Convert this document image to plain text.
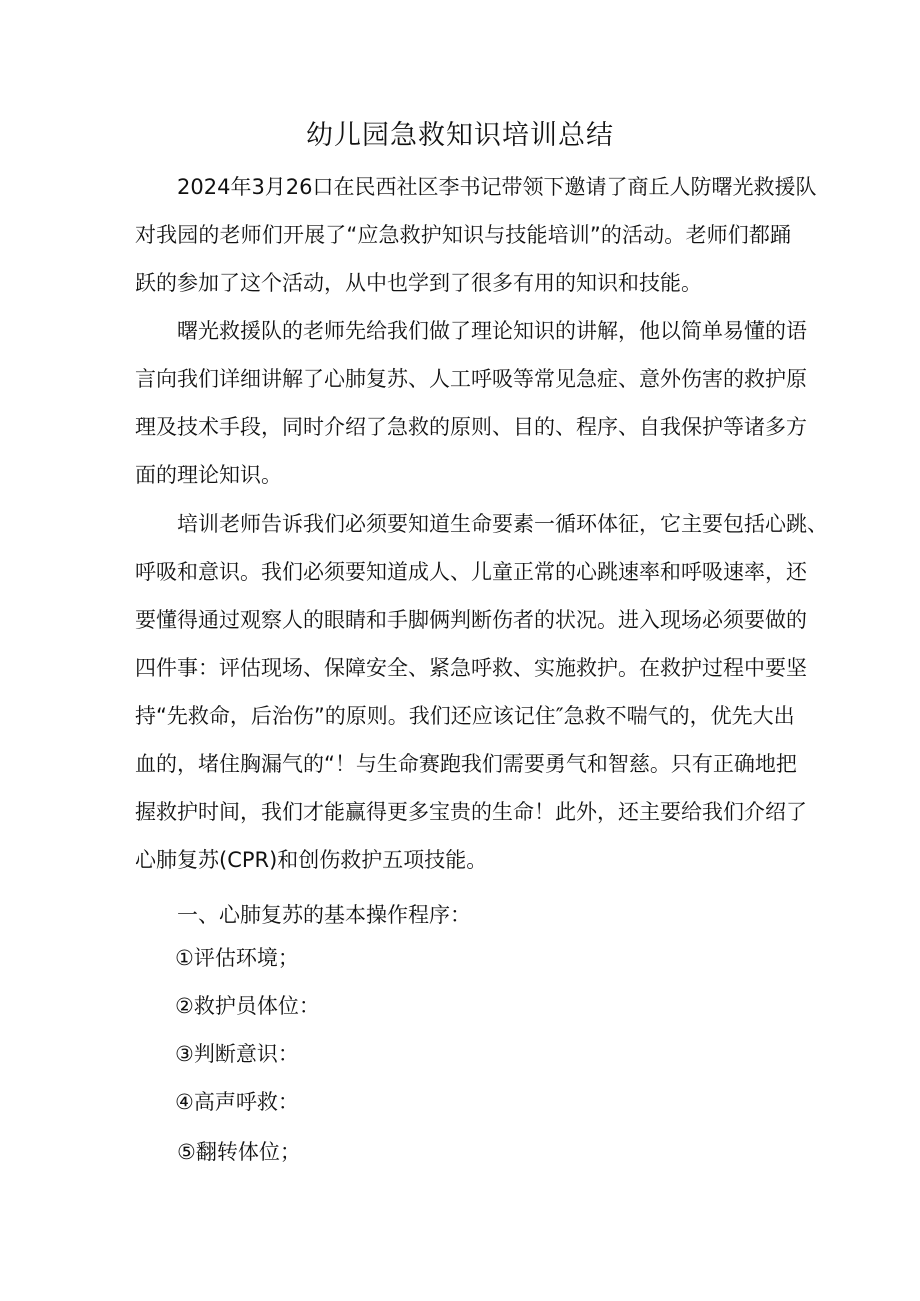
幼儿园急救知识培训总结
2024年3月26口在民西社区李书记带领下邀请了商丘人防曙光救援队
对我园的老师们开展了“应急救护知识与技能培训”的活动。老师们都踊
跃的参加了这个活动，从中也学到了很多有用的知识和技能。
曙光救援队的老师先给我们做了理论知识的讲解，他以简单易懂的语
言向我们详细讲解了心肺复苏、人工呼吸等常见急症、意外伤害的救护原
理及技术手段，同时介绍了急救的原则、目的、程序、自我保护等诸多方
面的理论知识。
培训老师告诉我们必须要知道生命要素一循环体征，它主要包括心跳、
呼吸和意识。我们必须要知道成人、儿童正常的心跳速率和呼吸速率，还
要懂得通过观察人的眼睛和手脚俩判断伤者的状况。进入现场必须要做的
四件事：评估现场、保障安全、紧急呼救、实施救护。在救护过程中要坚
持“先救命，后治伤”的原则。我们还应该记住″急救不喘气的，优先大出
血的，堵住胸漏气的“！与生命赛跑我们需要勇气和智慈。只有正确地把
握救护时间，我们才能赢得更多宝贵的生命！此外，还主要给我们介绍了
心肺复苏(CPR)和创伤救护五项技能。
一、心肺复苏的基本操作程序：
①评估环境；
②救护员体位：
③判断意识：
④高声呼救：
⑤翻转体位；
